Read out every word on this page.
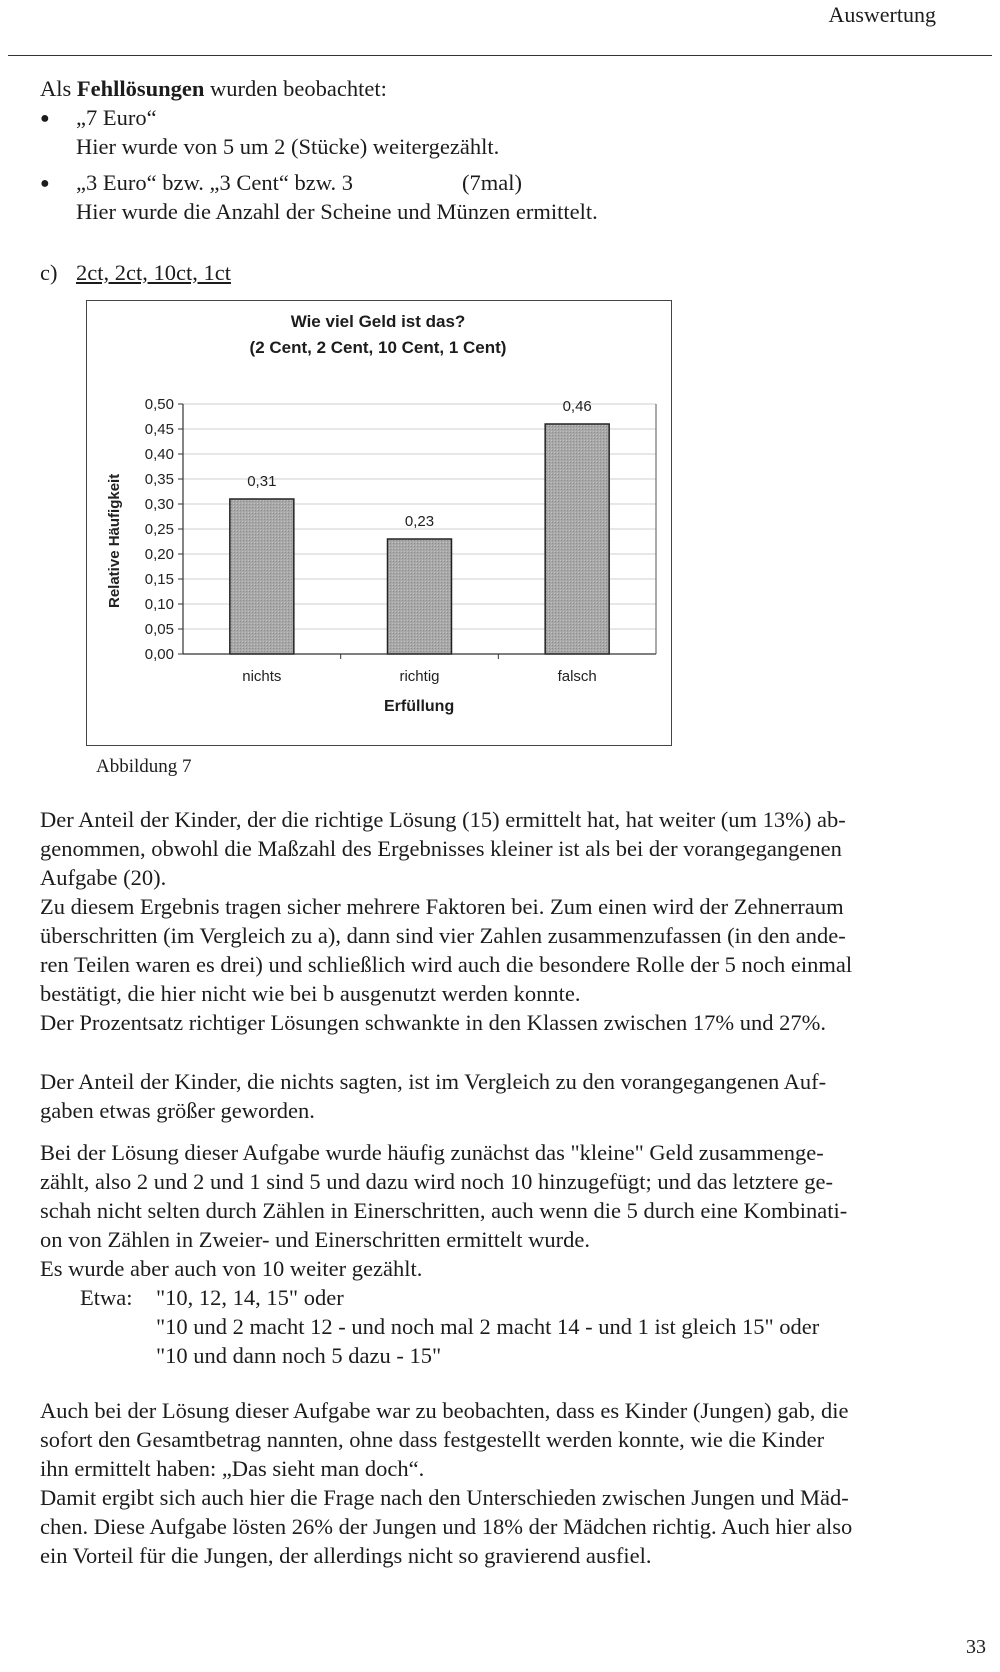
Auswertung
Als Fehllösungen wurden beobachtet:
● „7 Euro“
Hier wurde von 5 um 2 (Stücke) weitergezählt.
● „3 Euro“ bzw. „3 Cent“ bzw. 3	(7mal)
Hier wurde die Anzahl der Scheine und Münzen ermittelt.
c) 2ct, 2ct, 10ct, 1ct
Wie viel Geld ist das?
(2 Cent, 2 Cent, 10 Cent, 1 Cent)
0,00
0,05
0,10
0,15
0,20
0,25
0,30
0,35
0,40
0,45
0,50
0,31
nichts
0,23
richtig
0,46
falsch
Relative Häufigkeit
Erfüllung
Abbildung 7
Der Anteil der Kinder, der die richtige Lösung (15) ermittelt hat, hat weiter (um 13%) ab-
genommen, obwohl die Maßzahl des Ergebnisses kleiner ist als bei der vorangegangenen
Aufgabe (20).
Zu diesem Ergebnis tragen sicher mehrere Faktoren bei. Zum einen wird der Zehnerraum
überschritten (im Vergleich zu a), dann sind vier Zahlen zusammenzufassen (in den ande-
ren Teilen waren es drei) und schließlich wird auch die besondere Rolle der 5 noch einmal
bestätigt, die hier nicht wie bei b ausgenutzt werden konnte.
Der Prozentsatz richtiger Lösungen schwankte in den Klassen zwischen 17% und 27%.
Der Anteil der Kinder, die nichts sagten, ist im Vergleich zu den vorangegangenen Auf-
gaben etwas größer geworden.
Bei der Lösung dieser Aufgabe wurde häufig zunächst das "kleine" Geld zusammenge-
zählt, also 2 und 2 und 1 sind 5 und dazu wird noch 10 hinzugefügt; und das letztere ge-
schah nicht selten durch Zählen in Einerschritten, auch wenn die 5 durch eine Kombinati-
on von Zählen in Zweier- und Einerschritten ermittelt wurde.
Es wurde aber auch von 10 weiter gezählt.
Etwa: "10, 12, 14, 15" oder
"10 und 2 macht 12 - und noch mal 2 macht 14 - und 1 ist gleich 15" oder
"10 und dann noch 5 dazu - 15"
Auch bei der Lösung dieser Aufgabe war zu beobachten, dass es Kinder (Jungen) gab, die
sofort den Gesamtbetrag nannten, ohne dass festgestellt werden konnte, wie die Kinder
ihn ermittelt haben: „Das sieht man doch“.
Damit ergibt sich auch hier die Frage nach den Unterschieden zwischen Jungen und Mäd-
chen. Diese Aufgabe lösten 26% der Jungen und 18% der Mädchen richtig. Auch hier also
ein Vorteil für die Jungen, der allerdings nicht so gravierend ausfiel.
33
